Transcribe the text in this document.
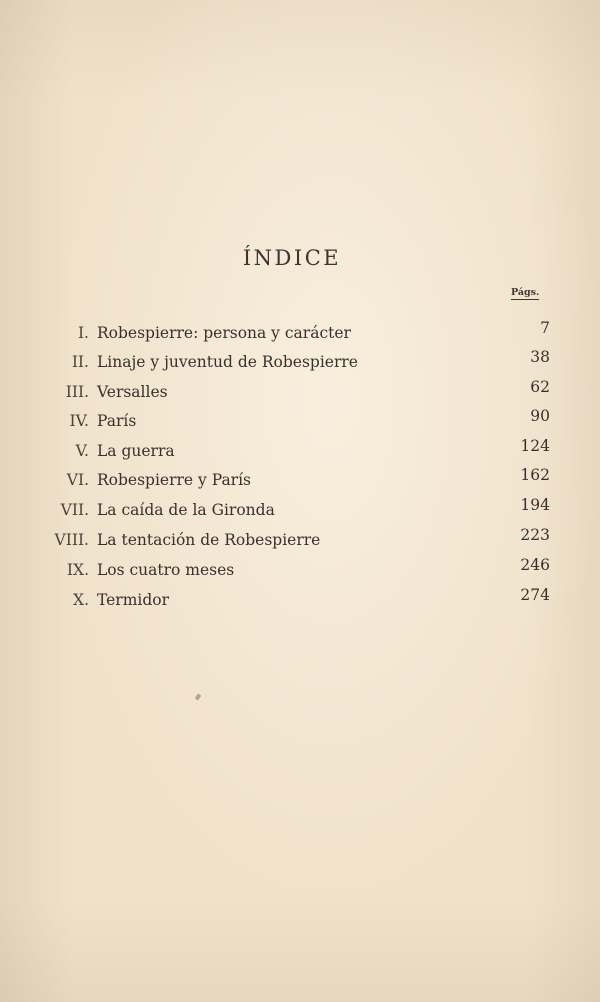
ÍNDICE
Págs.
I. Robespierre: persona y carácter	7
II. Linaje y juventud de Robespierre	38
III. Versalles	62
IV. París	90
V. La guerra	124
VI. Robespierre y París	162
VII. La caída de la Gironda	194
VIII. La tentación de Robespierre	223
IX. Los cuatro meses	246
X. Termidor	274
